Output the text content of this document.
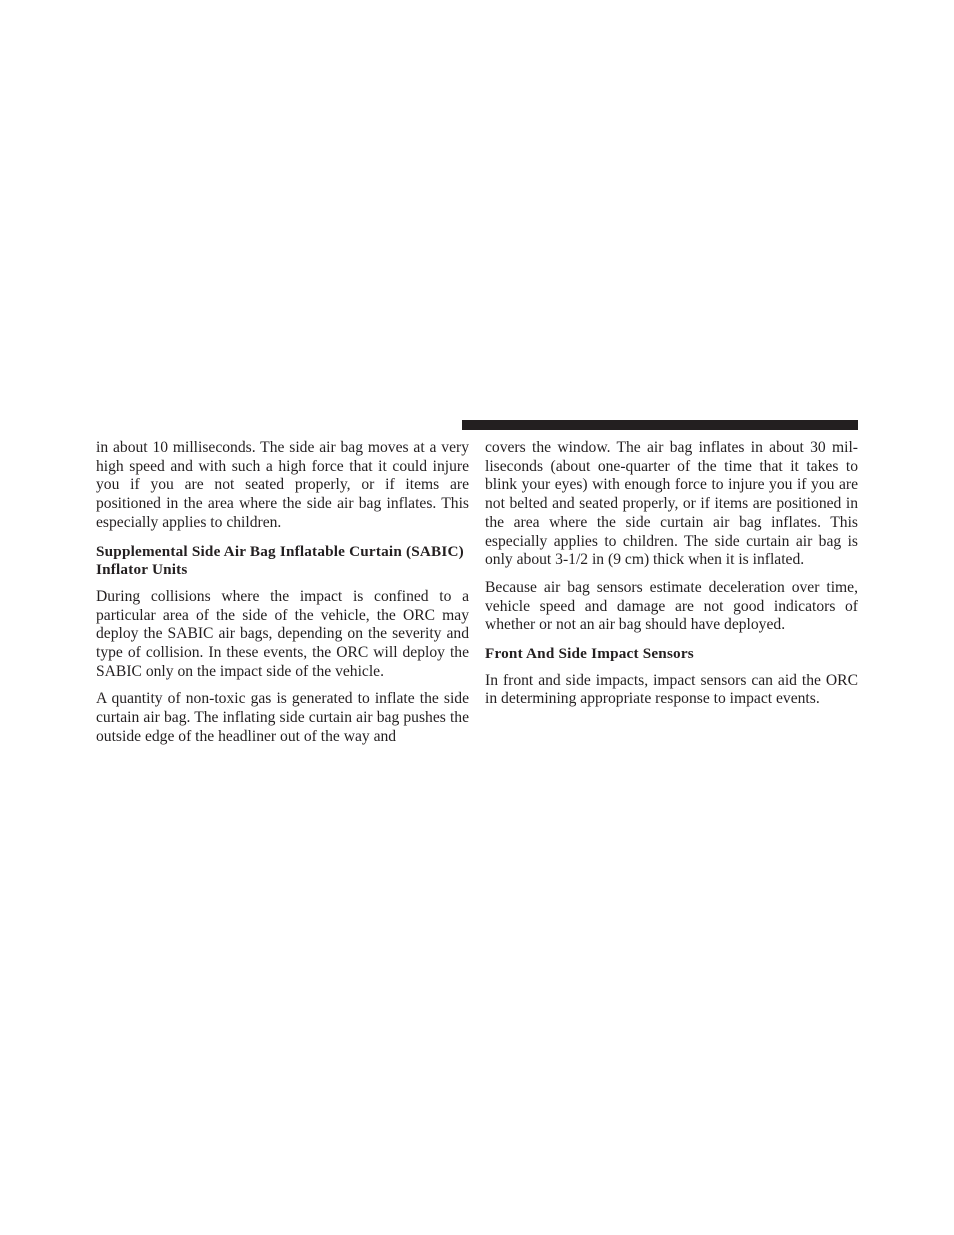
in about 10 milliseconds. The side air bag moves at a very high speed and with such a high force that it could injure you if you are not seated properly, or if items are positioned in the area where the side air bag inflates. This especially applies to children.

Supplemental Side Air Bag Inflatable Curtain (SABIC) Inflator Units

During collisions where the impact is confined to a particular area of the side of the vehicle, the ORC may deploy the SABIC air bags, depending on the severity and type of collision. In these events, the ORC will deploy the SABIC only on the impact side of the vehicle.

A quantity of non-toxic gas is generated to inflate the side curtain air bag. The inflating side curtain air bag pushes the outside edge of the headliner out of the way and

covers the window. The air bag inflates in about 30 mil-liseconds (about one-quarter of the time that it takes to blink your eyes) with enough force to injure you if you are not belted and seated properly, or if items are positioned in the area where the side curtain air bag inflates. This especially applies to children. The side curtain air bag is only about 3-1/2 in (9 cm) thick when it is inflated.

Because air bag sensors estimate deceleration over time, vehicle speed and damage are not good indicators of whether or not an air bag should have deployed.

Front And Side Impact Sensors

In front and side impacts, impact sensors can aid the ORC in determining appropriate response to impact events.
